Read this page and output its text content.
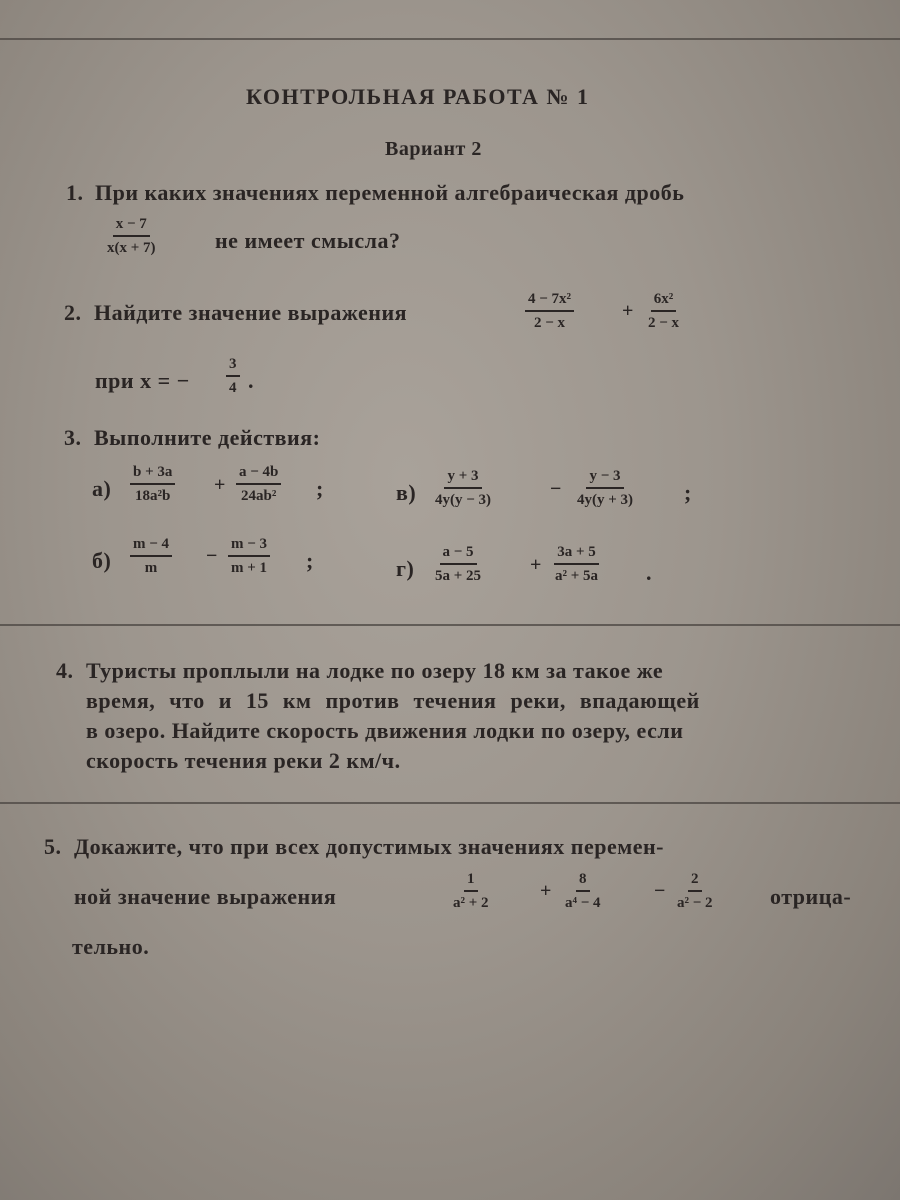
КОНТРОЛЬНАЯ РАБОТА № 1
Вариант 2
1. При каких значениях переменной алгебраическая дробь
$\frac{x - 7}{x(x + 7)}$	не имеет смысла?
2. Найдите значение выражения	$\frac{\text{4 − 7x²}}{2 - x} + \frac{\text{6x²}}{2 - x}$
при x = − $\frac{3}{4}$ .
3. Выполните действия:
$а) \frac{b + 3a}{\text{18a²b}} + \frac{a - 4b}{\text{24ab²}}$ ;	$в) \frac{y + 3}{4y(y - 3)}$	− $\frac{y - 3}{4y(y + 3)}$ ;
$б) \frac{m - 4}{m} - \frac{m - 3}{m + 1}$ ;	$г) \frac{a - 5}{5a + 25} + \frac{3a + 5}{\text{a² + 5a}}$ .
4. Туристы проплыли на лодке по озеру 18 км за такое же
время, что и 15 км против течения реки, впадающей
в озеро. Найдите скорость движения лодки по озеру, если
скорость течения реки 2 км/ч.
5. Докажите, что при всех допустимых значениях перемен-
ной значение выражения	$\frac{1}{\text{a² + 2}} + \frac{8}{\text{a⁴ − 4}}$	− $\frac{2}{\text{a² − 2}}$ отрица-
тельно.
